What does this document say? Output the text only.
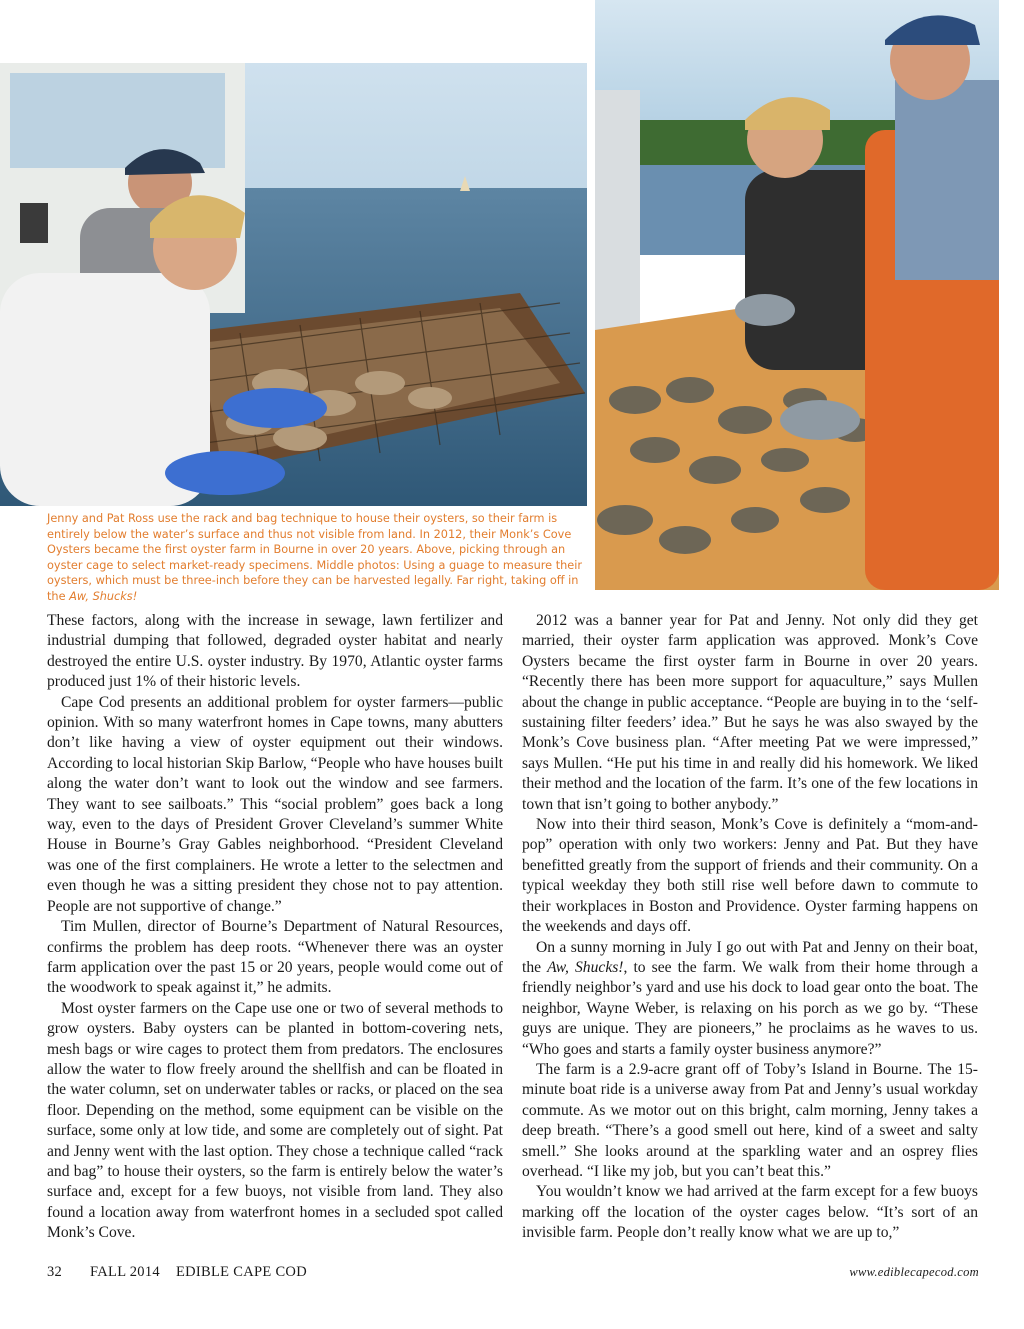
Jenny and Pat Ross use the rack and bag technique to house their oysters, so their farm is entirely below the water’s surface and thus not visible from land. In 2012, their Monk’s Cove Oysters became the first oyster farm in Bourne in over 20 years. Above, picking through an oyster cage to select market-ready specimens. Middle photos: Using a guage to measure their oysters, which must be three-inch before they can be harvested legally. Far right, taking off in the Aw, Shucks!

These factors, along with the increase in sewage, lawn fertilizer and industrial dumping that followed, degraded oyster habitat and nearly destroyed the entire U.S. oyster industry. By 1970, Atlantic oyster farms produced just 1% of their historic levels.

Cape Cod presents an additional problem for oyster farmers—public opinion. With so many waterfront homes in Cape towns, many abutters don’t like having a view of oyster equipment out their windows. According to local historian Skip Barlow, “People who have houses built along the water don’t want to look out the window and see farmers. They want to see sailboats.” This “social problem” goes back a long way, even to the days of President Grover Cleveland’s summer White House in Bourne’s Gray Gables neighborhood. “President Cleveland was one of the first complainers. He wrote a letter to the selectmen and even though he was a sitting president they chose not to pay attention. People are not supportive of change.”

Tim Mullen, director of Bourne’s Department of Natural Resources, confirms the problem has deep roots. “Whenever there was an oyster farm application over the past 15 or 20 years, people would come out of the woodwork to speak against it,” he admits.

Most oyster farmers on the Cape use one or two of several methods to grow oysters. Baby oysters can be planted in bottom-covering nets, mesh bags or wire cages to protect them from predators. The enclosures allow the water to flow freely around the shellfish and can be floated in the water column, set on underwater tables or racks, or placed on the sea floor. Depending on the method, some equipment can be visible on the surface, some only at low tide, and some are completely out of sight. Pat and Jenny went with the last option. They chose a technique called “rack and bag” to house their oysters, so the farm is entirely below the water’s surface and, except for a few buoys, not visible from land. They also found a location away from waterfront homes in a secluded spot called Monk’s Cove.

2012 was a banner year for Pat and Jenny. Not only did they get married, their oyster farm application was approved. Monk’s Cove Oysters became the first oyster farm in Bourne in over 20 years. “Recently there has been more support for aquaculture,” says Mullen about the change in public acceptance. “People are buying in to the ‘self-sustaining filter feeders’ idea.” But he says he was also swayed by the Monk’s Cove business plan. “After meeting Pat we were impressed,” says Mullen. “He put his time in and really did his homework. We liked their method and the location of the farm. It’s one of the few locations in town that isn’t going to bother anybody.”

Now into their third season, Monk’s Cove is definitely a “mom-and-pop” operation with only two workers: Jenny and Pat. But they have benefitted greatly from the support of friends and their community. On a typical weekday they both still rise well before dawn to commute to their workplaces in Boston and Providence. Oyster farming happens on the weekends and days off.

On a sunny morning in July I go out with Pat and Jenny on their boat, the Aw, Shucks!, to see the farm. We walk from their home through a friendly neighbor’s yard and use his dock to load gear onto the boat. The neighbor, Wayne Weber, is relaxing on his porch as we go by. “These guys are unique. They are pioneers,” he proclaims as he waves to us. “Who goes and starts a family oyster business anymore?”

The farm is a 2.9-acre grant off of Toby’s Island in Bourne. The 15-minute boat ride is a universe away from Pat and Jenny’s usual workday commute. As we motor out on this bright, calm morning, Jenny takes a deep breath. “There’s a good smell out here, kind of a sweet and salty smell.” She looks around at the sparkling water and an osprey flies overhead. “I like my job, but you can’t beat this.”

You wouldn’t know we had arrived at the farm except for a few buoys marking off the location of the oyster cages below. “It’s sort of an invisible farm. People don’t really know what we are up to,”

32 FALL 2014 EDIBLE CAPE COD	www.ediblecapecod.com
